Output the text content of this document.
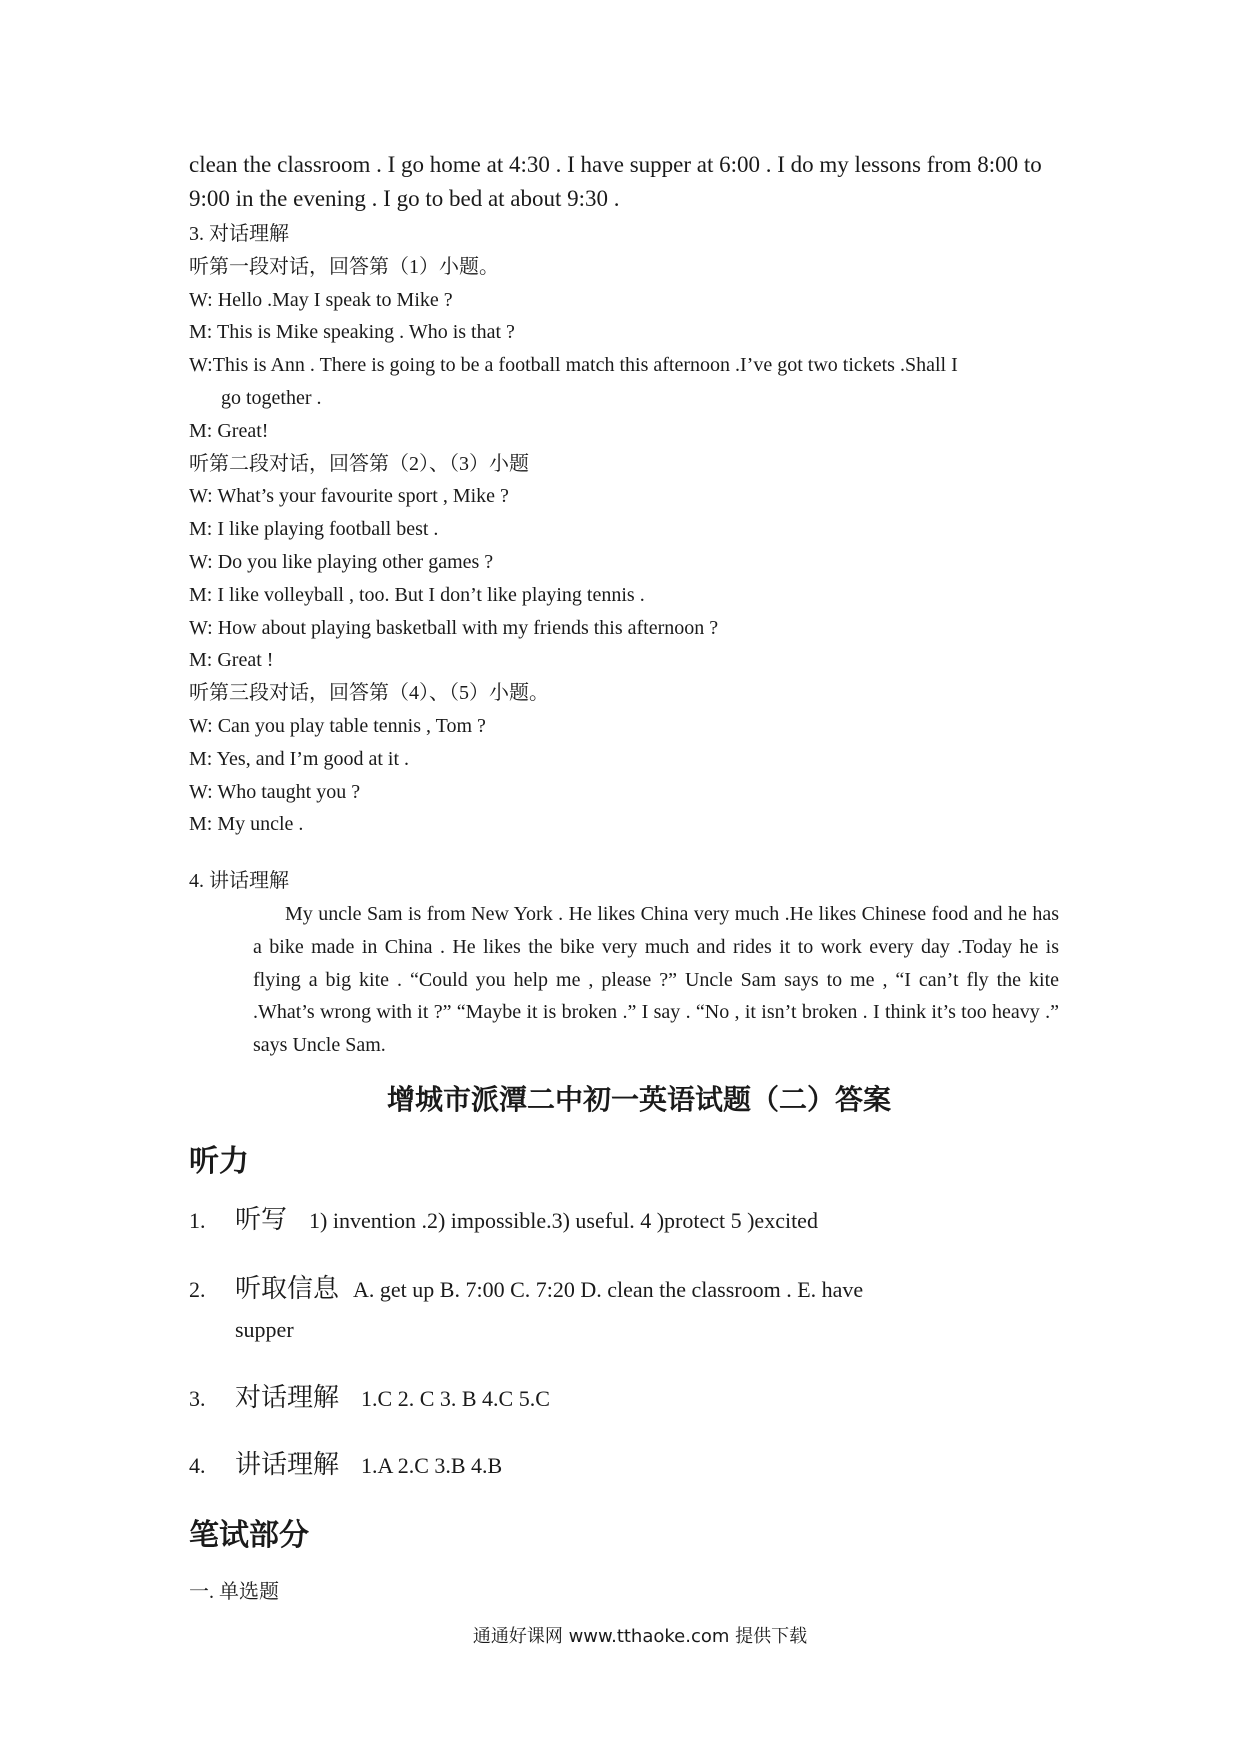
clean the classroom . I go home at 4:30 . I have supper at 6:00 . I do my lessons from 8:00 to 9:00 in the evening . I go to bed at about 9:30 .

3. 对话理解
听第一段对话，回答第（1）小题。
W: Hello .May I speak to Mike ?
M: This is Mike speaking . Who is that ?
W:This is Ann . There is going to be a football match this afternoon .I’ve got two tickets .Shall I
go together .
M: Great!
听第二段对话，回答第（2）、（3）小题
W: What’s your favourite sport , Mike ?
M: I like playing football best .
W: Do you like playing other games ?
M: I like volleyball , too. But I don’t like playing tennis .
W: How about playing basketball with my friends this afternoon ?
M: Great !
听第三段对话，回答第（4）、（5）小题。
W: Can you play table tennis , Tom ?
M: Yes, and I’m good at it .
W: Who taught you ?
M: My uncle .
4. 讲话理解

My uncle Sam is from New York . He likes China very much .He likes Chinese food and he has a bike made in China . He likes the bike very much and rides it to work every day .Today he is flying a big kite . “Could you help me , please ?” Uncle Sam says to me , “I can’t fly the kite .What’s wrong with it ?” “Maybe it is broken .” I say . “No , it isn’t broken . I think it’s too heavy .” says Uncle Sam.

增城市派潭二中初一英语试题（二）答案
听力
1.	听写 1) invention .2) impossible.3) useful. 4 )protect 5 )excited
2.	听取信息 A. get up B. 7:00 C. 7:20 D. clean the classroom . E. have
supper
3.	对话理解 1.C 2. C 3. B 4.C 5.C
4.	讲话理解 1.A 2.C 3.B 4.B
笔试部分
一. 单选题
通通好课网 www.tthaoke.com 提供下载
